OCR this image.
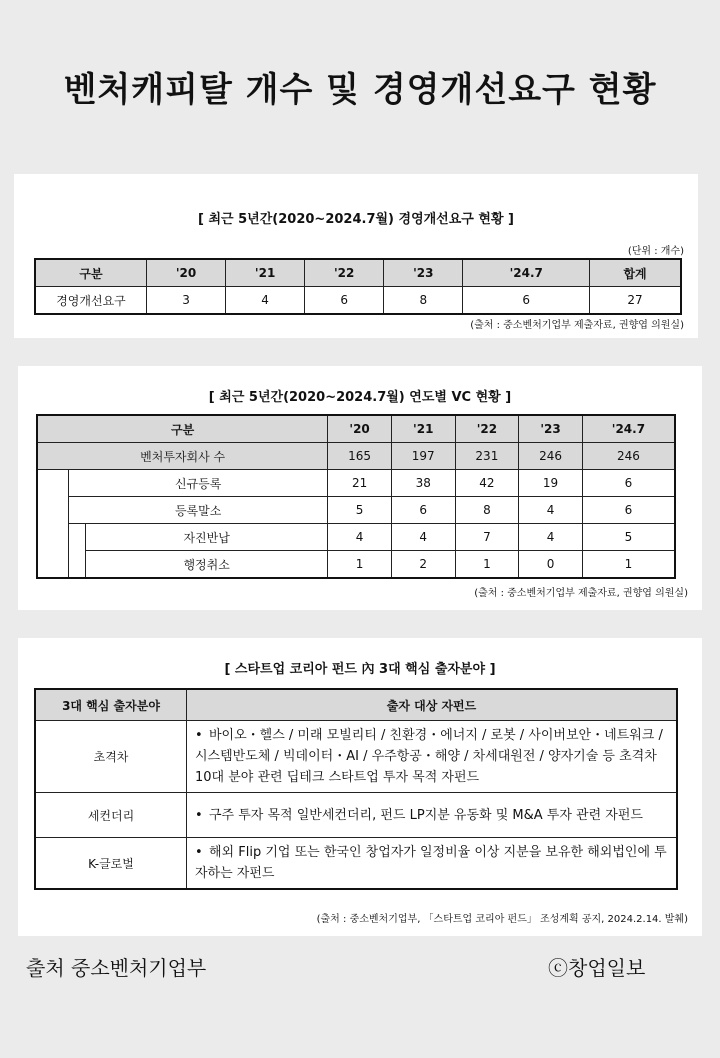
벤처캐피탈 개수 및 경영개선요구 현황
[ 최근 5년간(2020~2024.7월) 경영개선요구 현황 ]
(단위 : 개수)
구분	'20	'21	'22	'23	'24.7	합계
경영개선요구	3	4	6	8	6	27
(출처 : 중소벤처기업부 제출자료, 권향엽 의원실)
[ 최근 5년간(2020~2024.7월) 연도별 VC 현황 ]
구분			'20	'21	'22	'23	'24.7
벤처투자회사 수			165	197	231	246	246
	신규등록		21	38	42	19	6
	등록말소		5	6	8	4	6
		자진반납	4	4	7	4	5
		행정취소	1	2	1	0	1
(출처 : 중소벤처기업부 제출자료, 권향엽 의원실)
[ 스타트업 코리아 펀드 內 3대 핵심 출자분야 ]
3대 핵심 출자분야	출자 대상 자펀드
초격차	• 바이오・헬스 / 미래 모빌리티 / 친환경・에너지 / 로봇 / 사이버보안・네트워크 / 시스템반도체 / 빅데이터・AI / 우주항공・해양 / 차세대원전 / 양자기술 등 초격차 10대 분야 관련 딥테크 스타트업 투자 목적 자펀드
세컨더리	• 구주 투자 목적 일반세컨더리, 펀드 LP지분 유동화 및 M&A 투자 관련 자펀드
K-글로벌	• 해외 Flip 기업 또는 한국인 창업자가 일정비율 이상 지분을 보유한 해외법인에 투자하는 자펀드
(출처 : 중소벤처기업부, 「스타트업 코리아 펀드」 조성계획 공지, 2024.2.14. 발췌)
출처 중소벤처기업부	ⓒ창업일보
